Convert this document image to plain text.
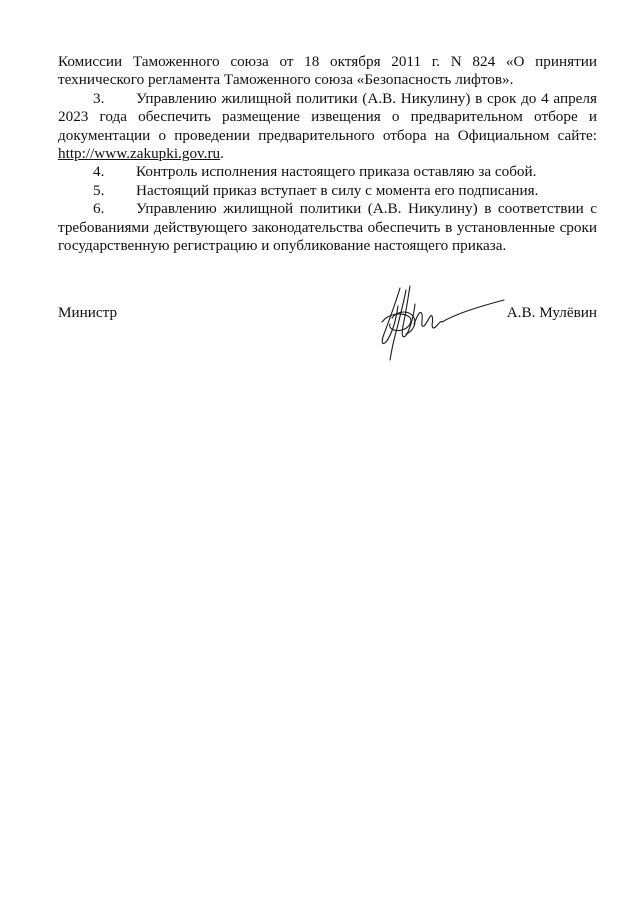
Комиссии Таможенного союза от 18 октября 2011 г. N 824 «О принятии технического регламента Таможенного союза «Безопасность лифтов».

3. Управлению жилищной политики (А.В. Никулину) в срок до 4 апреля 2023 года обеспечить размещение извещения о предварительном отборе и документации о проведении предварительного отбора на Официальном сайте: http://www.zakupki.gov.ru.

4. Контроль исполнения настоящего приказа оставляю за собой.

5. Настоящий приказ вступает в силу с момента его подписания.

6. Управлению жилищной политики (А.В. Никулину) в соответствии с требованиями действующего законодательства обеспечить в установленные сроки государственную регистрацию и опубликование настоящего приказа.

Министр	А.В. Мулёвин
